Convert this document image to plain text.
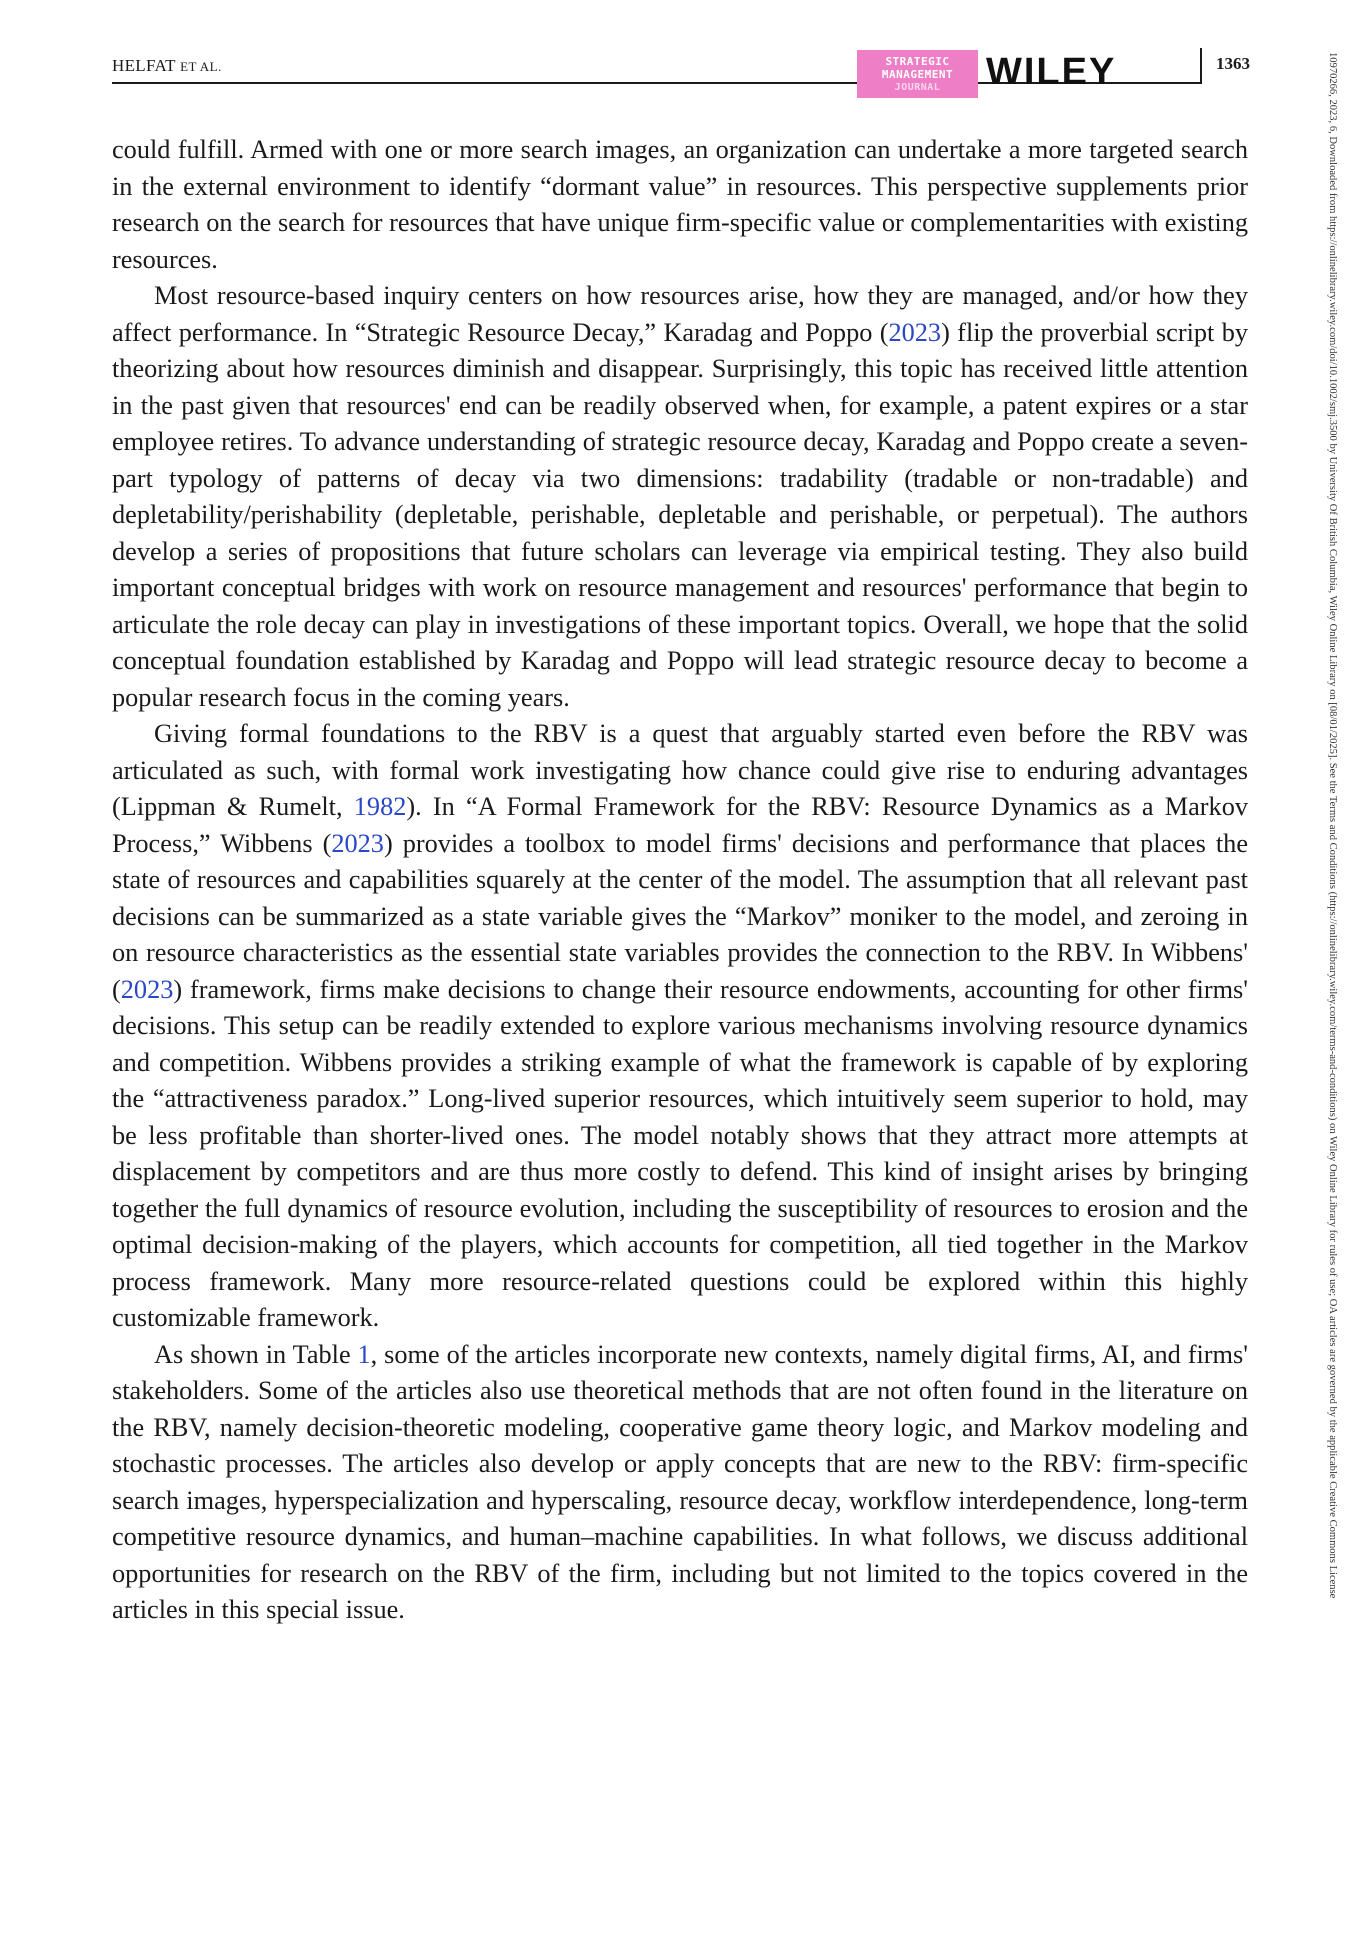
HELFAT ET AL.	STRATEGIC
MANAGEMENT
JOURNAL WILEY	1363

could fulfill. Armed with one or more search images, an organization can undertake a more targeted search in the external environment to identify “dormant value” in resources. This perspective supplements prior research on the search for resources that have unique firm-specific value or complementarities with existing resources.

Most resource-based inquiry centers on how resources arise, how they are managed, and/or how they affect performance. In “Strategic Resource Decay,” Karadag and Poppo (2023) flip the proverbial script by theorizing about how resources diminish and disappear. Surprisingly, this topic has received little attention in the past given that resources' end can be readily observed when, for example, a patent expires or a star employee retires. To advance understanding of strategic resource decay, Karadag and Poppo create a seven-part typology of patterns of decay via two dimensions: tradability (tradable or non-tradable) and depletability/perishability (depletable, perishable, depletable and perishable, or perpetual). The authors develop a series of propositions that future scholars can leverage via empirical testing. They also build important conceptual bridges with work on resource management and resources' performance that begin to articulate the role decay can play in investigations of these important topics. Overall, we hope that the solid conceptual foundation established by Karadag and Poppo will lead strategic resource decay to become a popular research focus in the coming years.

Giving formal foundations to the RBV is a quest that arguably started even before the RBV was articulated as such, with formal work investigating how chance could give rise to enduring advantages (Lippman & Rumelt, 1982). In “A Formal Framework for the RBV: Resource Dynamics as a Markov Process,” Wibbens (2023) provides a toolbox to model firms' decisions and performance that places the state of resources and capabilities squarely at the center of the model. The assumption that all relevant past decisions can be summarized as a state variable gives the “Markov” moniker to the model, and zeroing in on resource characteristics as the essential state variables provides the connection to the RBV. In Wibbens' (2023) framework, firms make decisions to change their resource endowments, accounting for other firms' decisions. This setup can be readily extended to explore various mechanisms involving resource dynamics and competition. Wibbens provides a striking example of what the framework is capable of by exploring the “attractiveness paradox.” Long-lived superior resources, which intuitively seem superior to hold, may be less profitable than shorter-lived ones. The model notably shows that they attract more attempts at displacement by competitors and are thus more costly to defend. This kind of insight arises by bringing together the full dynamics of resource evolution, including the susceptibility of resources to erosion and the optimal decision-making of the players, which accounts for competition, all tied together in the Markov process framework. Many more resource-related questions could be explored within this highly customizable framework.

As shown in Table 1, some of the articles incorporate new contexts, namely digital firms, AI, and firms' stakeholders. Some of the articles also use theoretical methods that are not often found in the literature on the RBV, namely decision-theoretic modeling, cooperative game theory logic, and Markov modeling and stochastic processes. The articles also develop or apply concepts that are new to the RBV: firm-specific search images, hyperspecialization and hyperscaling, resource decay, workflow interdependence, long-term competitive resource dynamics, and human–machine capabilities. In what follows, we discuss additional opportunities for research on the RBV of the firm, including but not limited to the topics covered in the articles in this special issue.

10970266, 2023, 6, Downloaded from https://onlinelibrary.wiley.com/doi/10.1002/smj.3500 by University Of British Columbia, Wiley Online Library on [08/01/2025]. See the Terms and Conditions (https://onlinelibrary.wiley.com/terms-and-conditions) on Wiley Online Library for rules of use; OA articles are governed by the applicable Creative Commons License
